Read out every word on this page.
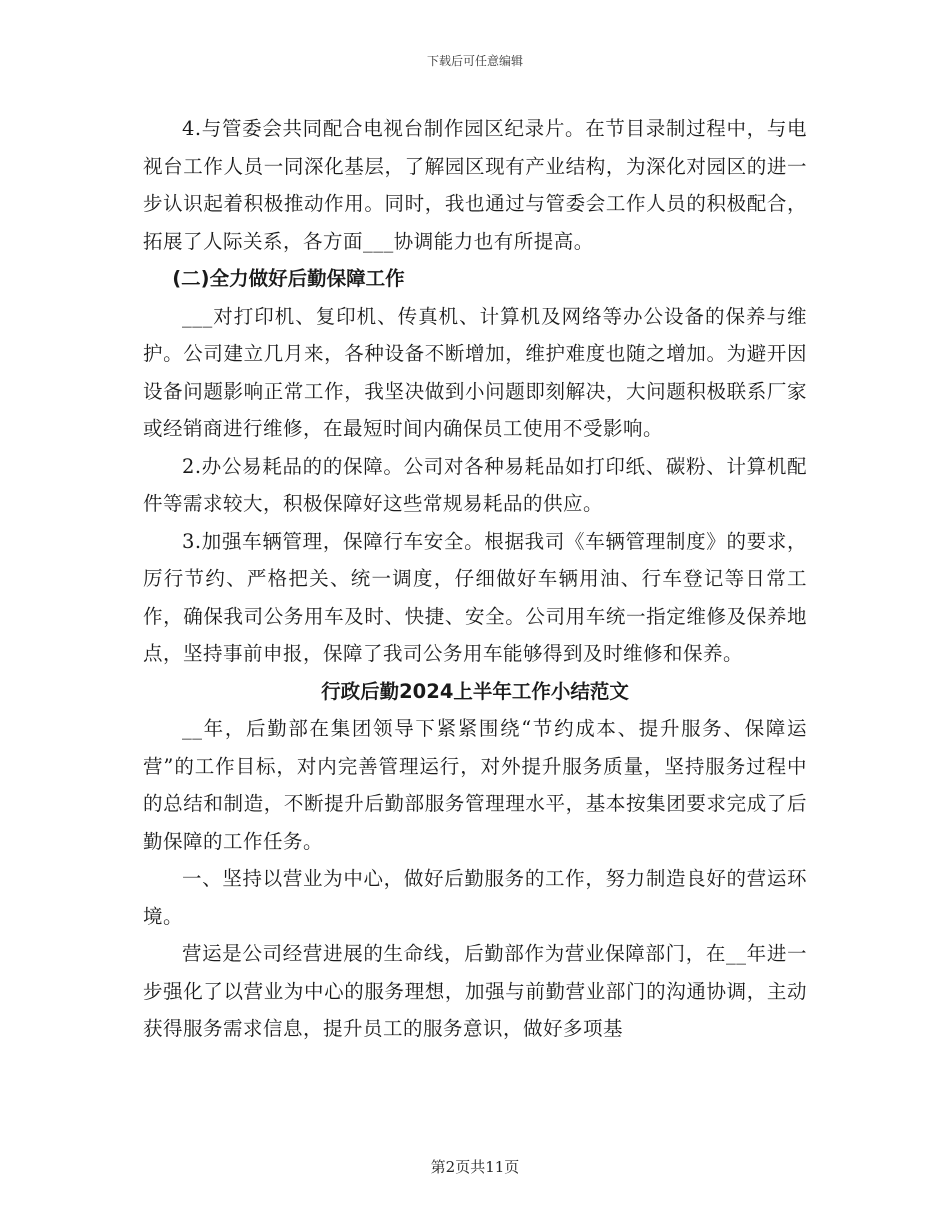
下载后可任意编辑

4.与管委会共同配合电视台制作园区纪录片。在节目录制过程中，与电视台工作人员一同深化基层，了解园区现有产业结构，为深化对园区的进一步认识起着积极推动作用。同时，我也通过与管委会工作人员的积极配合，拓展了人际关系，各方面___协调能力也有所提高。

(二)全力做好后勤保障工作

___对打印机、复印机、传真机、计算机及网络等办公设备的保养与维护。公司建立几月来，各种设备不断增加，维护难度也随之增加。为避开因设备问题影响正常工作，我坚决做到小问题即刻解决，大问题积极联系厂家或经销商进行维修，在最短时间内确保员工使用不受影响。

2.办公易耗品的的保障。公司对各种易耗品如打印纸、碳粉、计算机配件等需求较大，积极保障好这些常规易耗品的供应。

3.加强车辆管理，保障行车安全。根据我司《车辆管理制度》的要求，厉行节约、严格把关、统一调度，仔细做好车辆用油、行车登记等日常工作，确保我司公务用车及时、快捷、安全。公司用车统一指定维修及保养地点，坚持事前申报，保障了我司公务用车能够得到及时维修和保养。

行政后勤2024上半年工作小结范文

__年，后勤部在集团领导下紧紧围绕“节约成本、提升服务、保障运营”的工作目标，对内完善管理运行，对外提升服务质量，坚持服务过程中的总结和制造，不断提升后勤部服务管理理水平，基本按集团要求完成了后勤保障的工作任务。

一、坚持以营业为中心，做好后勤服务的工作，努力制造良好的营运环境。

营运是公司经营进展的生命线，后勤部作为营业保障部门，在__年进一步强化了以营业为中心的服务理想，加强与前勤营业部门的沟通协调，主动获得服务需求信息，提升员工的服务意识，做好多项基

第2页共11页
